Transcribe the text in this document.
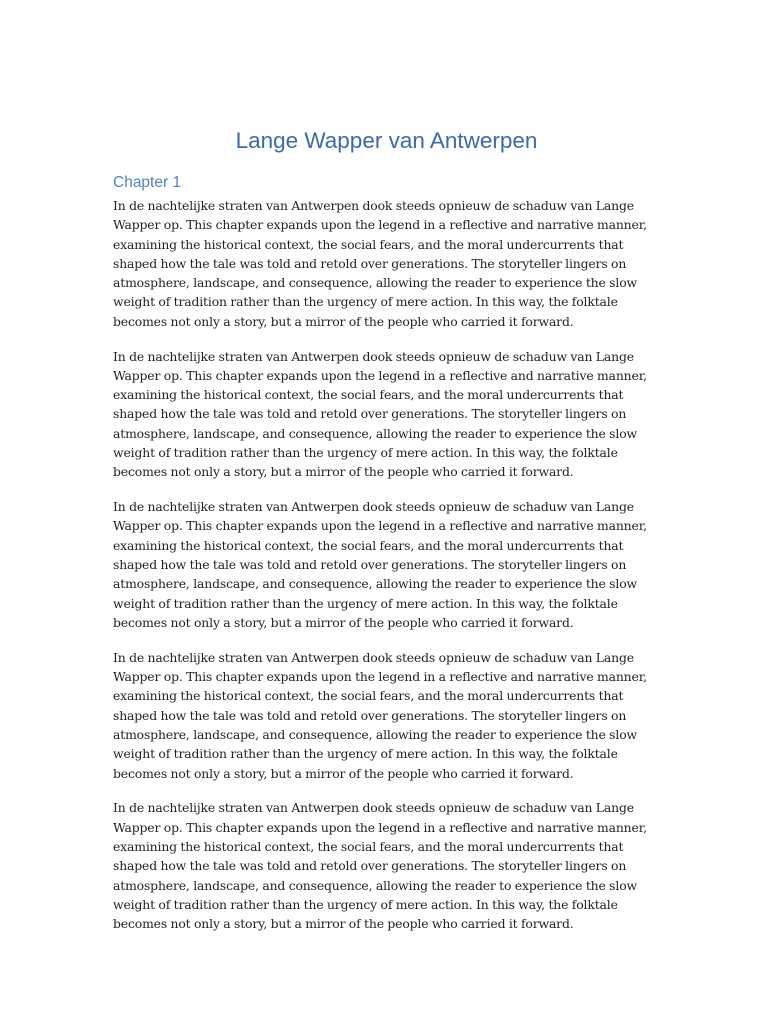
Lange Wapper van Antwerpen
Chapter 1

In de nachtelijke straten van Antwerpen dook steeds opnieuw de schaduw van Lange Wapper op. This chapter expands upon the legend in a reflective and narrative manner, examining the historical context, the social fears, and the moral undercurrents that shaped how the tale was told and retold over generations. The storyteller lingers on atmosphere, landscape, and consequence, allowing the reader to experience the slow weight of tradition rather than the urgency of mere action. In this way, the folktale becomes not only a story, but a mirror of the people who carried it forward.

In de nachtelijke straten van Antwerpen dook steeds opnieuw de schaduw van Lange Wapper op. This chapter expands upon the legend in a reflective and narrative manner, examining the historical context, the social fears, and the moral undercurrents that shaped how the tale was told and retold over generations. The storyteller lingers on atmosphere, landscape, and consequence, allowing the reader to experience the slow weight of tradition rather than the urgency of mere action. In this way, the folktale becomes not only a story, but a mirror of the people who carried it forward.

In de nachtelijke straten van Antwerpen dook steeds opnieuw de schaduw van Lange Wapper op. This chapter expands upon the legend in a reflective and narrative manner, examining the historical context, the social fears, and the moral undercurrents that shaped how the tale was told and retold over generations. The storyteller lingers on atmosphere, landscape, and consequence, allowing the reader to experience the slow weight of tradition rather than the urgency of mere action. In this way, the folktale becomes not only a story, but a mirror of the people who carried it forward.

In de nachtelijke straten van Antwerpen dook steeds opnieuw de schaduw van Lange Wapper op. This chapter expands upon the legend in a reflective and narrative manner, examining the historical context, the social fears, and the moral undercurrents that shaped how the tale was told and retold over generations. The storyteller lingers on atmosphere, landscape, and consequence, allowing the reader to experience the slow weight of tradition rather than the urgency of mere action. In this way, the folktale becomes not only a story, but a mirror of the people who carried it forward.

In de nachtelijke straten van Antwerpen dook steeds opnieuw de schaduw van Lange Wapper op. This chapter expands upon the legend in a reflective and narrative manner, examining the historical context, the social fears, and the moral undercurrents that shaped how the tale was told and retold over generations. The storyteller lingers on atmosphere, landscape, and consequence, allowing the reader to experience the slow weight of tradition rather than the urgency of mere action. In this way, the folktale becomes not only a story, but a mirror of the people who carried it forward.
